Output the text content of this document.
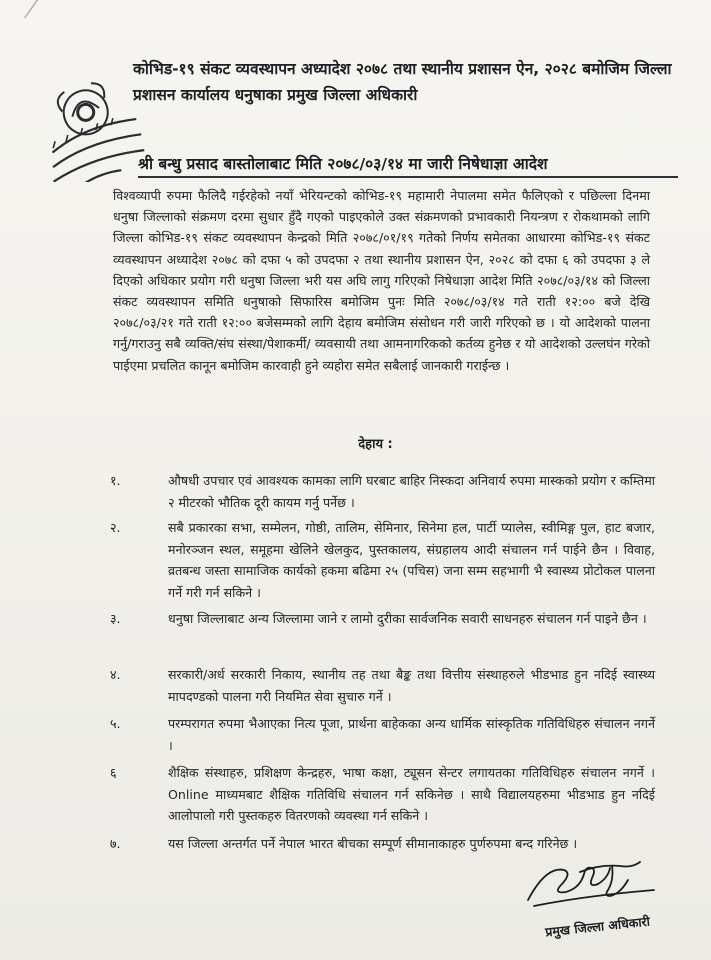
कोभिड-१९ संकट व्यवस्थापन अध्यादेश २०७८ तथा स्थानीय प्रशासन ऐन, २०२८ बमोजिम जिल्ला प्रशासन कार्यालय धनुषाका प्रमुख जिल्ला अधिकारी
श्री बन्धु प्रसाद बास्तोलाबाट मिति २०७८/०३/१४ मा जारी निषेधाज्ञा आदेश
विश्वव्यापी रुपमा फैलिदै गईरहेको नयाँ भेरियन्टको कोभिड-१९ महामारी नेपालमा समेत फैलिएको र पछिल्ला दिनमा धनुषा जिल्लाको संक्रमण दरमा सुधार हुँदै गएको पाइएकोले उक्त संक्रमणको प्रभावकारी नियन्त्रण र रोकथामको लागि जिल्ला कोभिड-१९ संकट व्यवस्थापन केन्द्रको मिति २०७८/०१/१९ गतेको निर्णय समेतका आधारमा कोभिड-१९ संकट व्यवस्थापन अध्यादेश २०७८ को दफा ५ को उपदफा २ तथा स्थानीय प्रशासन ऐन, २०२८ को दफा ६ को उपदफा ३ ले दिएको अधिकार प्रयोग गरी धनुषा जिल्ला भरी यस अघि लागु गरिएको निषेधाज्ञा आदेश मिति २०७८/०३/१४ को जिल्ला संकट व्यवस्थापन समिति धनुषाको सिफारिस बमोजिम पुनः मिति २०७८/०३/१४ गते राती १२:०० बजे देखि २०७८/०३/२१ गते राती १२:०० बजेसम्मको लागि देहाय बमोजिम संसोधन गरी जारी गरिएको छ । यो आदेशको पालना गर्नु/गराउनु सबै व्यक्ति/संघ संस्था/पेशाकर्मी/ व्यवसायी तथा आमनागरिकको कर्तव्य हुनेछ र यो आदेशको उल्लघंन गरेको पाईएमा प्रचलित कानून बमोजिम कारवाही हुने व्यहोरा समेत सबैलाई जानकारी गराईन्छ ।
देहाय :
१.	औषधी उपचार एवं आवश्यक कामका लागि घरबाट बाहिर निस्कदा अनिवार्य रुपमा मास्कको प्रयोग र कम्तिमा २ मीटरको भौतिक दूरी कायम गर्नु पर्नेछ ।
२.	सबै प्रकारका सभा, सम्मेलन, गोष्ठी, तालिम, सेमिनार, सिनेमा हल, पार्टी प्यालेस, स्वीमिङ्ग पुल, हाट बजार, मनोरञ्जन स्थल, समूहमा खेलिने खेलकुद, पुस्तकालय, संग्रहालय आदी संचालन गर्न पाईने छैन । विवाह, व्रतबन्ध जस्ता सामाजिक कार्यको हकमा बढिमा २५ (पचिस) जना सम्म सहभागी भै स्वास्थ्य प्रोटोकल पालना गर्ने गरी गर्न सकिने ।
३.	धनुषा जिल्लाबाट अन्य जिल्लामा जाने र लामो दुरीका सार्वजनिक सवारी साधनहरु संचालन गर्न पाइने छैन ।
४.	सरकारी/अर्ध सरकारी निकाय, स्थानीय तह तथा बैङ्क तथा वित्तीय संस्थाहरुले भीडभाड हुन नदिई स्वास्थ्य मापदण्डको पालना गरी नियमित सेवा सुचारु गर्ने ।
५.	परम्परागत रुपमा भैआएका नित्य पूजा, प्रार्थना बाहेकका अन्य धार्मिक सांस्कृतिक गतिविधिहरु संचालन नगर्ने ।
६	शैक्षिक संस्थाहरु, प्रशिक्षण केन्द्रहरु, भाषा कक्षा, ट्यूसन सेन्टर लगायतका गतिविधिहरु संचालन नगर्ने । Online माध्यमबाट शैक्षिक गतिविधि संचालन गर्न सकिनेछ । साथै विद्यालयहरुमा भीडभाड हुन नदिई आलोपालो गरी पुस्तकहरु वितरणको व्यवस्था गर्न सकिने ।
७.	यस जिल्ला अन्तर्गत पर्ने नेपाल भारत बीचका सम्पूर्ण सीमानाकाहरु पुर्णरुपमा बन्द गरिनेछ ।
प्रमुख जिल्ला अधिकारी
